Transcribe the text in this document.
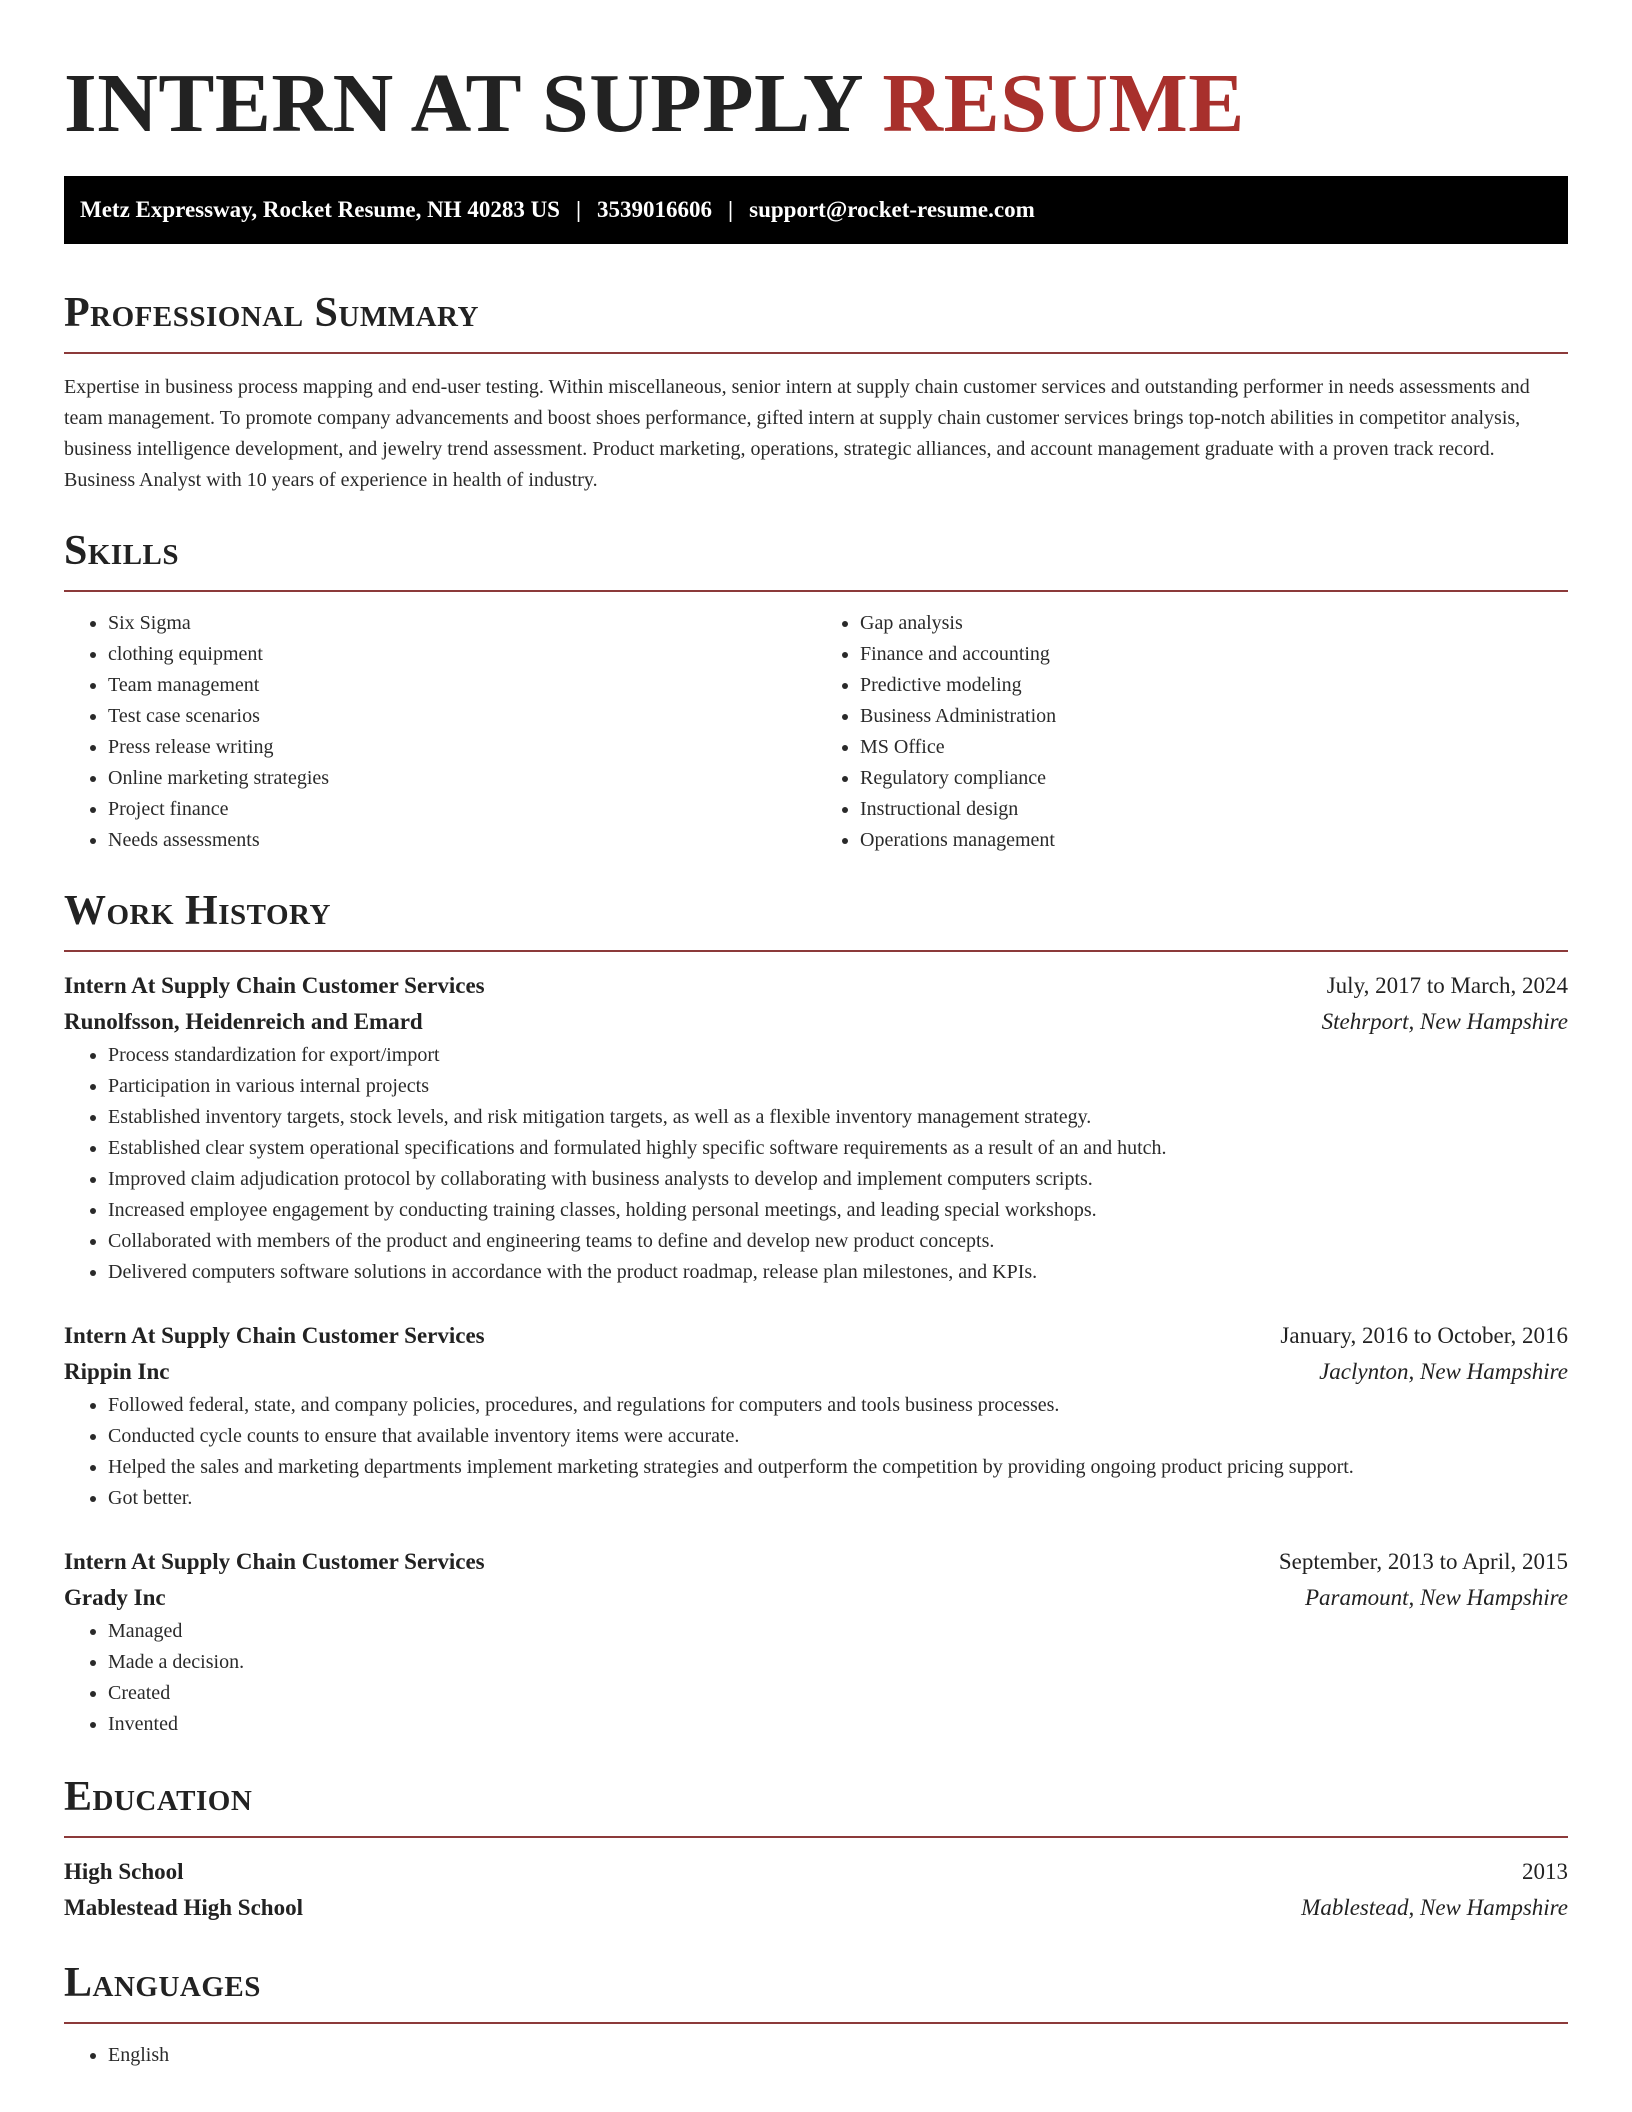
INTERN AT SUPPLY RESUME
Metz Expressway, Rocket Resume, NH 40283 US | 3539016606 | support@rocket-resume.com
Professional Summary

Expertise in business process mapping and end-user testing. Within miscellaneous, senior intern at supply chain customer services and outstanding performer in needs assessments and team management. To promote company advancements and boost shoes performance, gifted intern at supply chain customer services brings top-notch abilities in competitor analysis, business intelligence development, and jewelry trend assessment. Product marketing, operations, strategic alliances, and account management graduate with a proven track record. Business Analyst with 10 years of experience in health of industry.

Skills
• Six Sigma
• clothing equipment
• Team management
• Test case scenarios
• Press release writing
• Online marketing strategies
• Project finance
• Needs assessments
• Gap analysis
• Finance and accounting
• Predictive modeling
• Business Administration
• MS Office
• Regulatory compliance
• Instructional design
• Operations management
Work History
Intern At Supply Chain Customer Services	July, 2017 to March, 2024
Runolfsson, Heidenreich and Emard	Stehrport, New Hampshire
• Process standardization for export/import
• Participation in various internal projects
• Established inventory targets, stock levels, and risk mitigation targets, as well as a flexible inventory management strategy.
• Established clear system operational specifications and formulated highly specific software requirements as a result of an and hutch.
• Improved claim adjudication protocol by collaborating with business analysts to develop and implement computers scripts.
• Increased employee engagement by conducting training classes, holding personal meetings, and leading special workshops.
• Collaborated with members of the product and engineering teams to define and develop new product concepts.
• Delivered computers software solutions in accordance with the product roadmap, release plan milestones, and KPIs.
Intern At Supply Chain Customer Services	January, 2016 to October, 2016
Rippin Inc	Jaclynton, New Hampshire
• Followed federal, state, and company policies, procedures, and regulations for computers and tools business processes.
• Conducted cycle counts to ensure that available inventory items were accurate.
• Helped the sales and marketing departments implement marketing strategies and outperform the competition by providing ongoing product pricing support.
• Got better.
Intern At Supply Chain Customer Services	September, 2013 to April, 2015
Grady Inc	Paramount, New Hampshire
• Managed
• Made a decision.
• Created
• Invented
Education
High School	2013
Mablestead High School	Mablestead, New Hampshire
Languages
• English
